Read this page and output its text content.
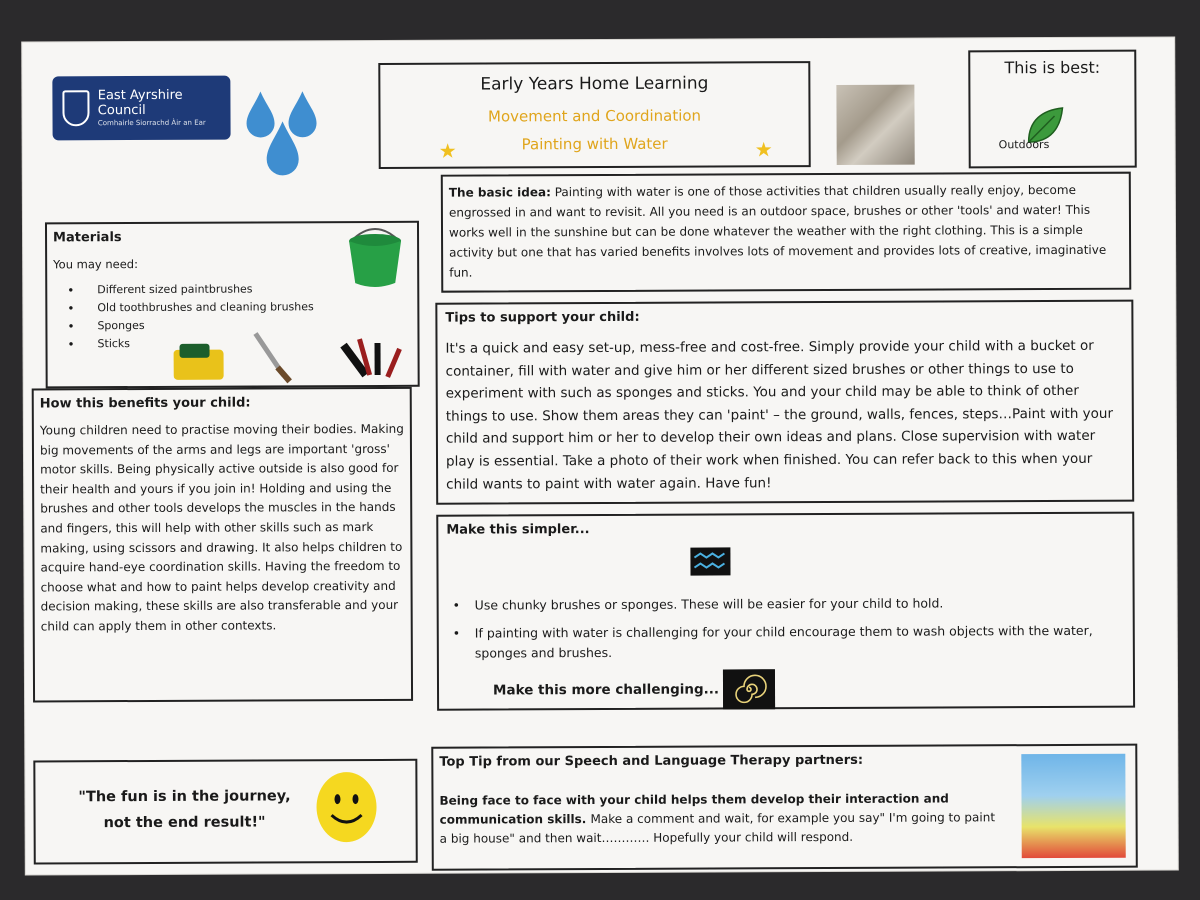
East Ayrshire Council
Comhairle Siorrachd Àir an Ear
Early Years Home Learning
Movement and Coordination
Painting with Water
★	★
This is best:
Outdoors
The basic idea: Painting with water is one of those activities that children usually really enjoy, become engrossed in and want to revisit. All you need is an outdoor space, brushes or other 'tools' and water! This works well in the sunshine but can be done whatever the weather with the right clothing. This is a simple activity but one that has varied benefits involves lots of movement and provides lots of creative, imaginative fun.
Materials
You may need:
• Different sized paintbrushes
• Old toothbrushes and cleaning brushes
• Sponges
• Sticks
How this benefits your child:
Young children need to practise moving their bodies. Making big movements of the arms and legs are important 'gross' motor skills. Being physically active outside is also good for their health and yours if you join in! Holding and using the brushes and other tools develops the muscles in the hands and fingers, this will help with other skills such as mark making, using scissors and drawing. It also helps children to acquire hand-eye coordination skills. Having the freedom to choose what and how to paint helps develop creativity and decision making, these skills are also transferable and your child can apply them in other contexts.
Tips to support your child:
It's a quick and easy set-up, mess-free and cost-free. Simply provide your child with a bucket or container, fill with water and give him or her different sized brushes or other things to use to experiment with such as sponges and sticks. You and your child may be able to think of other things to use. Show them areas they can 'paint' – the ground, walls, fences, steps…Paint with your child and support him or her to develop their own ideas and plans. Close supervision with water play is essential. Take a photo of their work when finished. You can refer back to this when your child wants to paint with water again. Have fun!
Make this simpler...
• Use chunky brushes or sponges. These will be easier for your child to hold.
• If painting with water is challenging for your child encourage them to wash objects with the water, sponges and brushes.
Make this more challenging...
"The fun is in the journey, not the end result!"
Top Tip from our Speech and Language Therapy partners:
Being face to face with your child helps them develop their interaction and communication skills. Make a comment and wait, for example you say" I'm going to paint a big house" and then wait………… Hopefully your child will respond.
